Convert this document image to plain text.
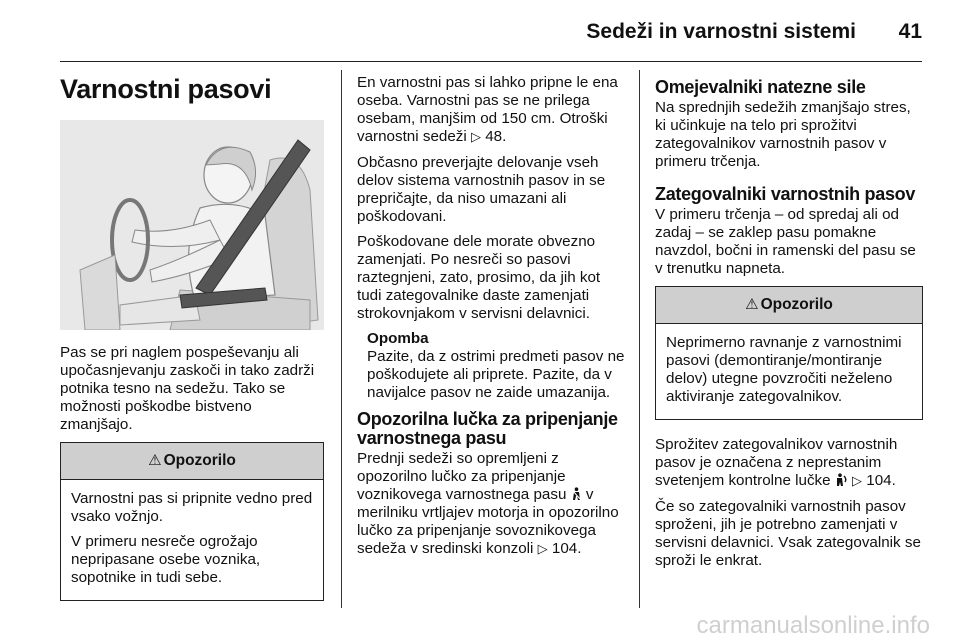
Sedeži in varnostni sistemi 41
Varnostni pasovi

Pas se pri naglem pospeševanju ali upočasnjevanju zaskoči in tako zadrži potnika tesno na sedežu. Tako se možnosti poškodbe bistveno zmanjšajo.

⚠ Opozorilo

Varnostni pas si pripnite vedno pred vsako vožnjo.

V primeru nesreče ogrožajo nepripasane osebe voznika, sopotnike in tudi sebe.

En varnostni pas si lahko pripne le ena oseba. Varnostni pas se ne prilega osebam, manjšim od 150 cm. Otroški varnostni sedeži ▷ 48.

Občasno preverjajte delovanje vseh delov sistema varnostnih pasov in se prepričajte, da niso umazani ali poškodovani.

Poškodovane dele morate obvezno zamenjati. Po nesreči so pasovi raztegnjeni, zato, prosimo, da jih kot tudi zategovalnike daste zamenjati strokovnjakom v servisni delavnici.

Opomba
Pazite, da z ostrimi predmeti pasov ne poškodujete ali priprete. Pazite, da v navijalce pasov ne zaide umazanija.
Opozorilna lučka za pripenjanje varnostnega pasu

Prednji sedeži so opremljeni z opozorilno lučko za pripenjanje voznikovega varnostnega pasu  v merilniku vrtljajev motorja in opozorilno lučko za pripenjanje sovoznikovega sedeža v sredinski konzoli ▷ 104.

Omejevalniki natezne sile

Na sprednjih sedežih zmanjšajo stres, ki učinkuje na telo pri sprožitvi zategovalnikov varnostnih pasov v primeru trčenja.

Zategovalniki varnostnih pasov

V primeru trčenja – od spredaj ali od zadaj – se zaklep pasu pomakne navzdol, bočni in ramenski del pasu se v trenutku napneta.

⚠ Opozorilo

Neprimerno ravnanje z varnostnimi pasovi (demontiranje/montiranje delov) utegne povzročiti neželeno aktiviranje zategovalnikov.

Sprožitev zategovalnikov varnostnih pasov je označena z neprestanim svetenjem kontrolne lučke  ▷ 104.

Če so zategovalniki varnostnih pasov sproženi, jih je potrebno zamenjati v servisni delavnici. Vsak zategovalnik se sproži le enkrat.

carmanualsonline.info
